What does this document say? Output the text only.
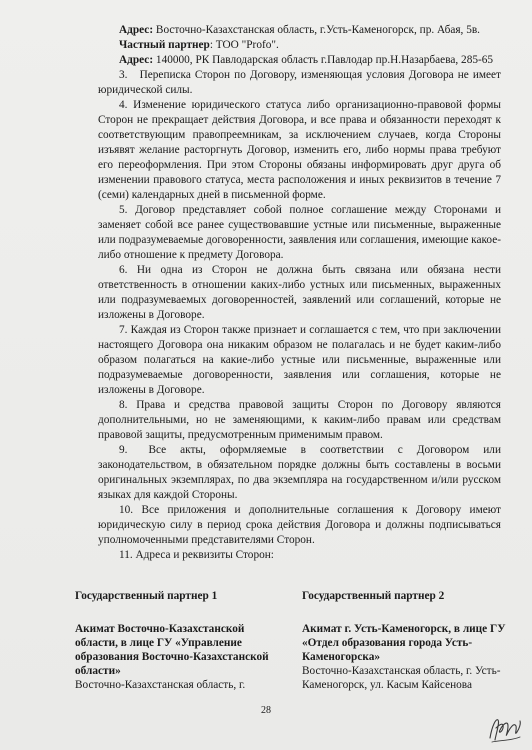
Адрес: Восточно-Казахстанская область, г.Усть-Каменогорск, пр. Абая, 5в.

Частный партнер: ТОО "Profo".

Адрес: 140000, РК Павлодарская область г.Павлодар пр.Н.Назарбаева, 285-65

3.   Переписка Сторон по Договору, изменяющая условия Договора не имеет юридической силы.

4. Изменение юридического статуса либо организационно-правовой формы Сторон не прекращает действия Договора, и все права и обязанности переходят к соответствующим правопреемникам, за исключением случаев, когда Стороны изъявят желание расторгнуть Договор, изменить его, либо нормы права требуют его переоформления. При этом Стороны обязаны информировать друг друга об изменении правового статуса, места расположения и иных реквизитов в течение 7 (семи) календарных дней в письменной форме.

5. Договор представляет собой полное соглашение между Сторонами и заменяет собой все ранее существовавшие устные или письменные, выраженные или подразумеваемые договоренности, заявления или соглашения, имеющие какое-либо отношение к предмету Договора.

6. Ни одна из Сторон не должна быть связана или обязана нести ответственность в отношении каких-либо устных или письменных, выраженных или подразумеваемых договоренностей, заявлений или соглашений, которые не изложены в Договоре.

7. Каждая из Сторон также признает и соглашается с тем, что при заключении настоящего Договора она никаким образом не полагалась и не будет каким-либо образом полагаться на какие-либо устные или письменные, выраженные или подразумеваемые договоренности, заявления или соглашения, которые не изложены в Договоре.

8. Права и средства правовой защиты Сторон по Договору являются дополнительными, но не заменяющими, к каким-либо правам или средствам правовой защиты, предусмотренным применимым правом.

9.   Все  акты,  оформляемые  в  соответствии  с  Договором  или законодательством, в обязательном порядке должны быть составлены в восьми оригинальных экземплярах, по два экземпляра на государственном и/или русском языках для каждой Стороны.

10. Все приложения и дополнительные соглашения к Договору имеют юридическую силу в период срока действия Договора и должны подписываться уполномоченными представителями Сторон.

11. Адреса и реквизиты Сторон:

Государственный партнер 1
Акимат Восточно-Казахстанской области, в лице ГУ «Управление образования Восточно-Казахстанской области»
Восточно-Казахстанская область, г.
Государственный партнер 2
Акимат г. Усть-Каменогорск, в лице ГУ «Отдел образования города Усть-Каменогорска»
Восточно-Казахстанская область, г. Усть-Каменогорск, ул. Касым Кайсенова
28
